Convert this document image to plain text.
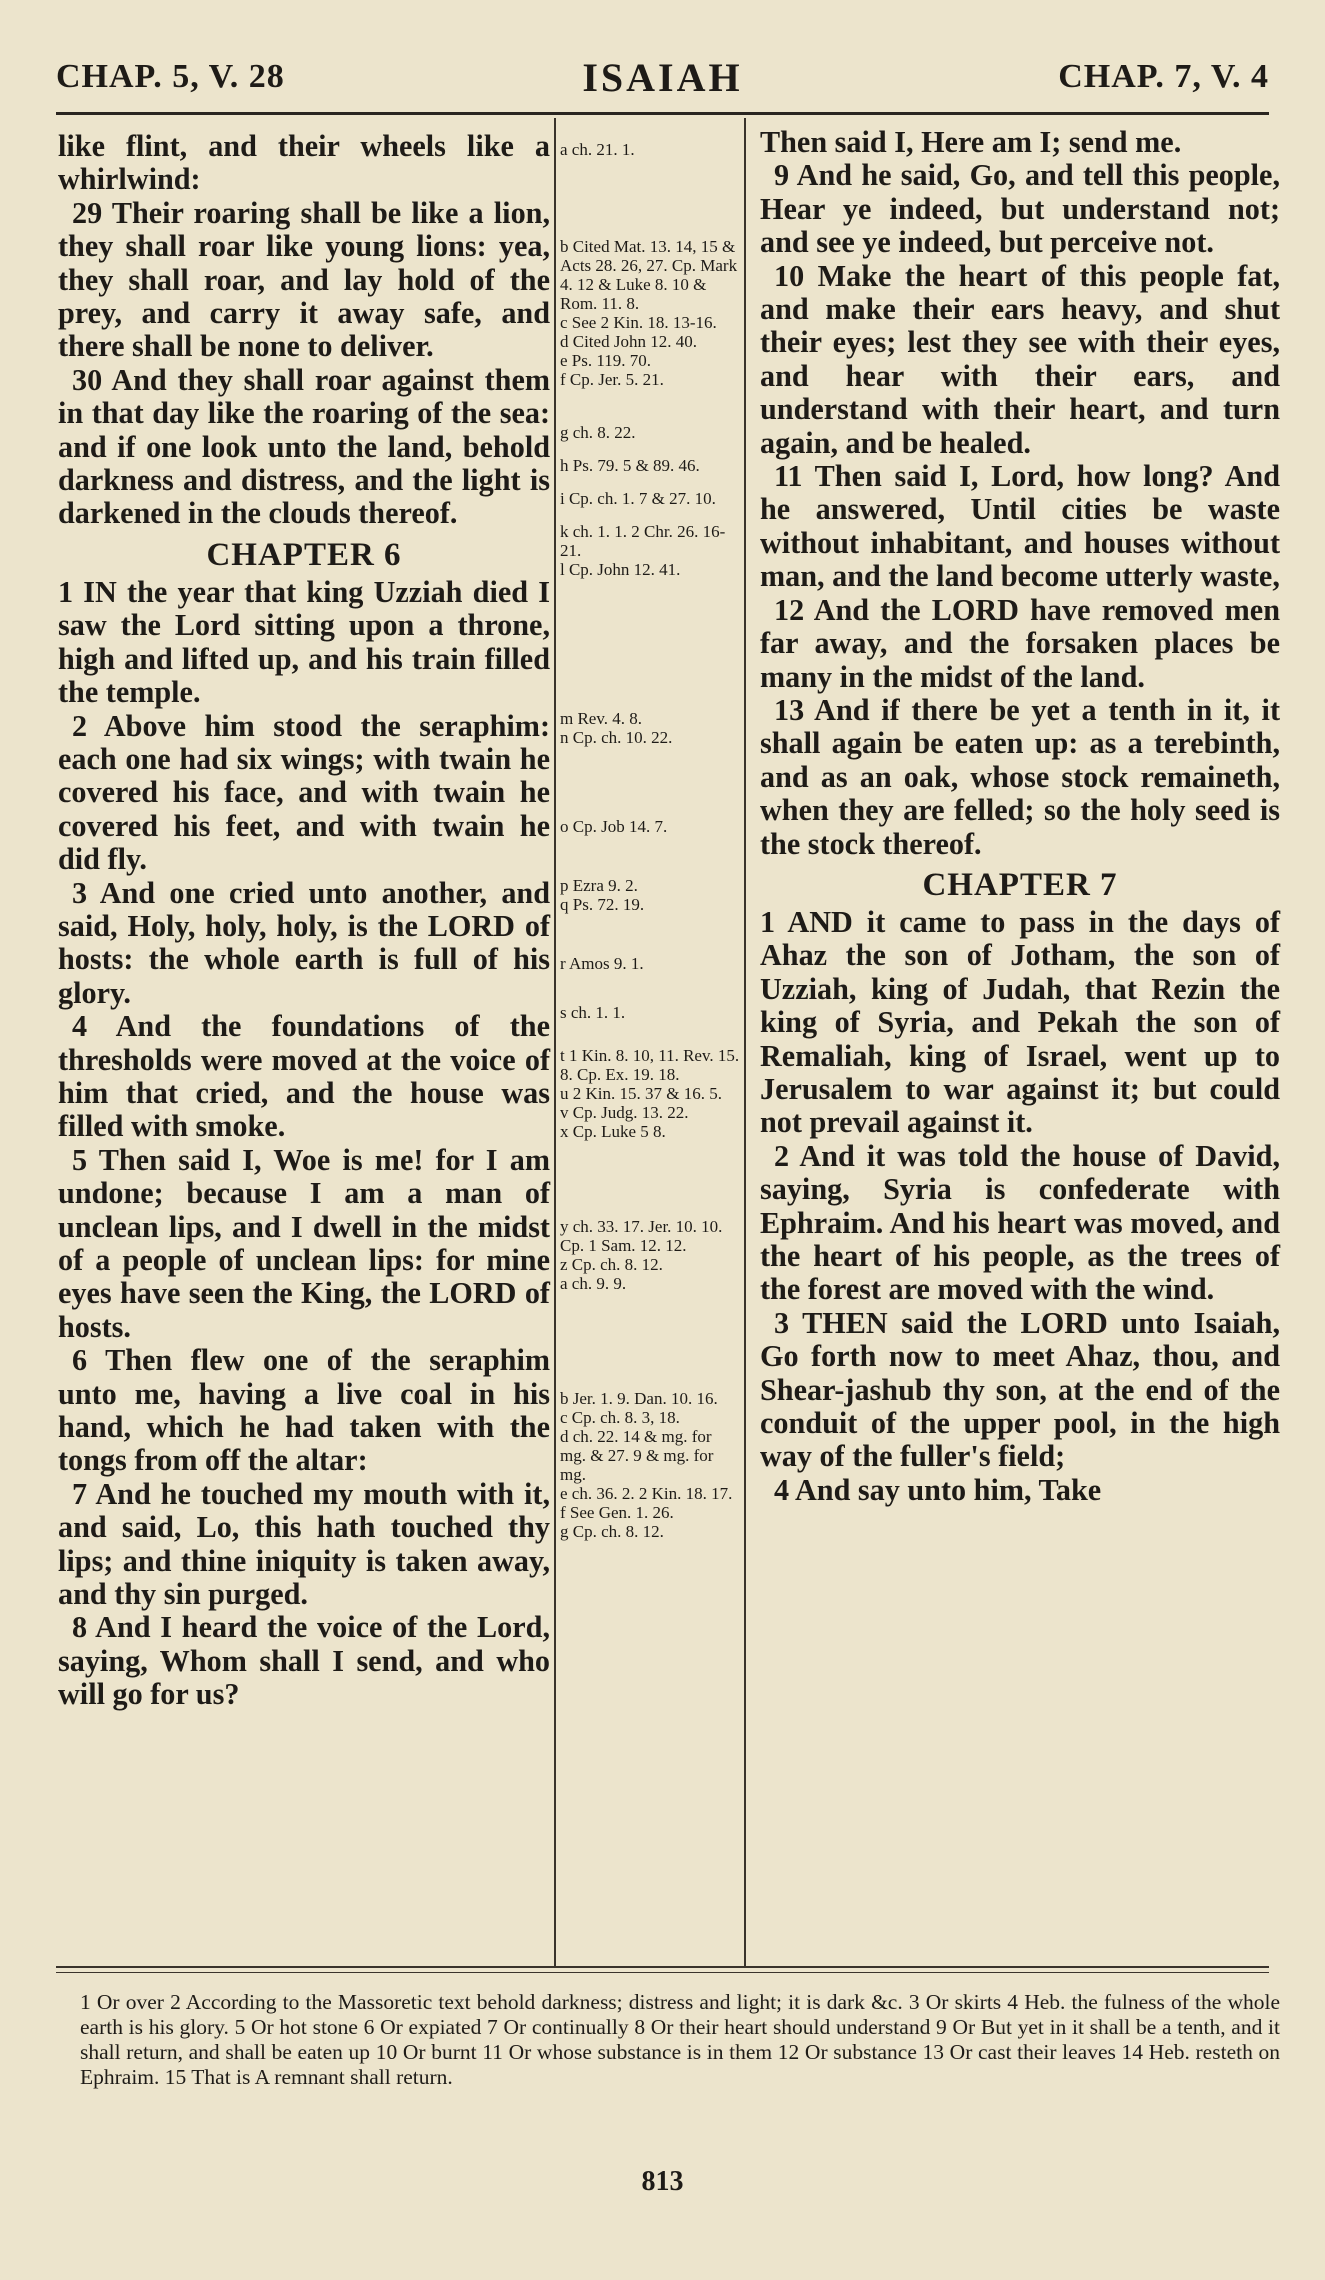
CHAP. 5, V. 28	ISAIAH	CHAP. 7, V. 4

like flint, and their wheels like a whirlwind:

29 Their roaring shall be like a lion, they shall roar like young lions: yea, they shall roar, and lay hold of the prey, and carry it away safe, and there shall be none to deliver.

30 And they shall roar against them in that day like the roaring of the sea: and if one look unto the land, behold darkness and distress, and the light is darkened in the clouds thereof.

CHAPTER 6

1 IN the year that king Uzziah died I saw the Lord sitting upon a throne, high and lifted up, and his train filled the temple.

2 Above him stood the seraphim: each one had six wings; with twain he covered his face, and with twain he covered his feet, and with twain he did fly.

3 And one cried unto another, and said, Holy, holy, holy, is the LORD of hosts: the whole earth is full of his glory.

4 And the foundations of the thresholds were moved at the voice of him that cried, and the house was filled with smoke.

5 Then said I, Woe is me! for I am undone; because I am a man of unclean lips, and I dwell in the midst of a people of unclean lips: for mine eyes have seen the King, the LORD of hosts.

6 Then flew one of the seraphim unto me, having a live coal in his hand, which he had taken with the tongs from off the altar:

7 And he touched my mouth with it, and said, Lo, this hath touched thy lips; and thine iniquity is taken away, and thy sin purged.

8 And I heard the voice of the Lord, saying, Whom shall I send, and who will go for us?

a ch. 21. 1.
b Cited Mat. 13. 14, 15 & Acts 28. 26, 27. Cp. Mark 4. 12 & Luke 8. 10 & Rom. 11. 8.
c See 2 Kin. 18. 13-16.
d Cited John 12. 40.
e Ps. 119. 70.
f Cp. Jer. 5. 21.
g ch. 8. 22.
h Ps. 79. 5 & 89. 46.
i Cp. ch. 1. 7 & 27. 10.
k ch. 1. 1. 2 Chr. 26. 16-21.
l Cp. John 12. 41.
m Rev. 4. 8.
n Cp. ch. 10. 22.
o Cp. Job 14. 7.
p Ezra 9. 2.
q Ps. 72. 19.
r Amos 9. 1.
s ch. 1. 1.
t 1 Kin. 8. 10, 11. Rev. 15. 8. Cp. Ex. 19. 18.
u 2 Kin. 15. 37 & 16. 5.
v Cp. Judg. 13. 22.
x Cp. Luke 5 8.
y ch. 33. 17. Jer. 10. 10. Cp. 1 Sam. 12. 12.
z Cp. ch. 8. 12.
a ch. 9. 9.
b Jer. 1. 9. Dan. 10. 16.
c Cp. ch. 8. 3, 18.
d ch. 22. 14 & mg. for mg. & 27. 9 & mg. for mg.
e ch. 36. 2. 2 Kin. 18. 17.
f See Gen. 1. 26.
g Cp. ch. 8. 12.

Then said I, Here am I; send me.

9 And he said, Go, and tell this people, Hear ye indeed, but understand not; and see ye indeed, but perceive not.

10 Make the heart of this people fat, and make their ears heavy, and shut their eyes; lest they see with their eyes, and hear with their ears, and understand with their heart, and turn again, and be healed.

11 Then said I, Lord, how long? And he answered, Until cities be waste without inhabitant, and houses without man, and the land become utterly waste,

12 And the LORD have removed men far away, and the forsaken places be many in the midst of the land.

13 And if there be yet a tenth in it, it shall again be eaten up: as a terebinth, and as an oak, whose stock remaineth, when they are felled; so the holy seed is the stock thereof.

CHAPTER 7

1 AND it came to pass in the days of Ahaz the son of Jotham, the son of Uzziah, king of Judah, that Rezin the king of Syria, and Pekah the son of Remaliah, king of Israel, went up to Jerusalem to war against it; but could not prevail against it.

2 And it was told the house of David, saying, Syria is confederate with Ephraim. And his heart was moved, and the heart of his people, as the trees of the forest are moved with the wind.

3 THEN said the LORD unto Isaiah, Go forth now to meet Ahaz, thou, and Shear-jashub thy son, at the end of the conduit of the upper pool, in the high way of the fuller's field;

4 And say unto him, Take

1 Or over 2 According to the Massoretic text behold darkness; distress and light; it is dark &c. 3 Or skirts 4 Heb. the fulness of the whole earth is his glory. 5 Or hot stone 6 Or expiated 7 Or continually 8 Or their heart should understand 9 Or But yet in it shall be a tenth, and it shall return, and shall be eaten up 10 Or burnt 11 Or whose substance is in them 12 Or substance 13 Or cast their leaves 14 Heb. resteth on Ephraim. 15 That is A remnant shall return.
813
